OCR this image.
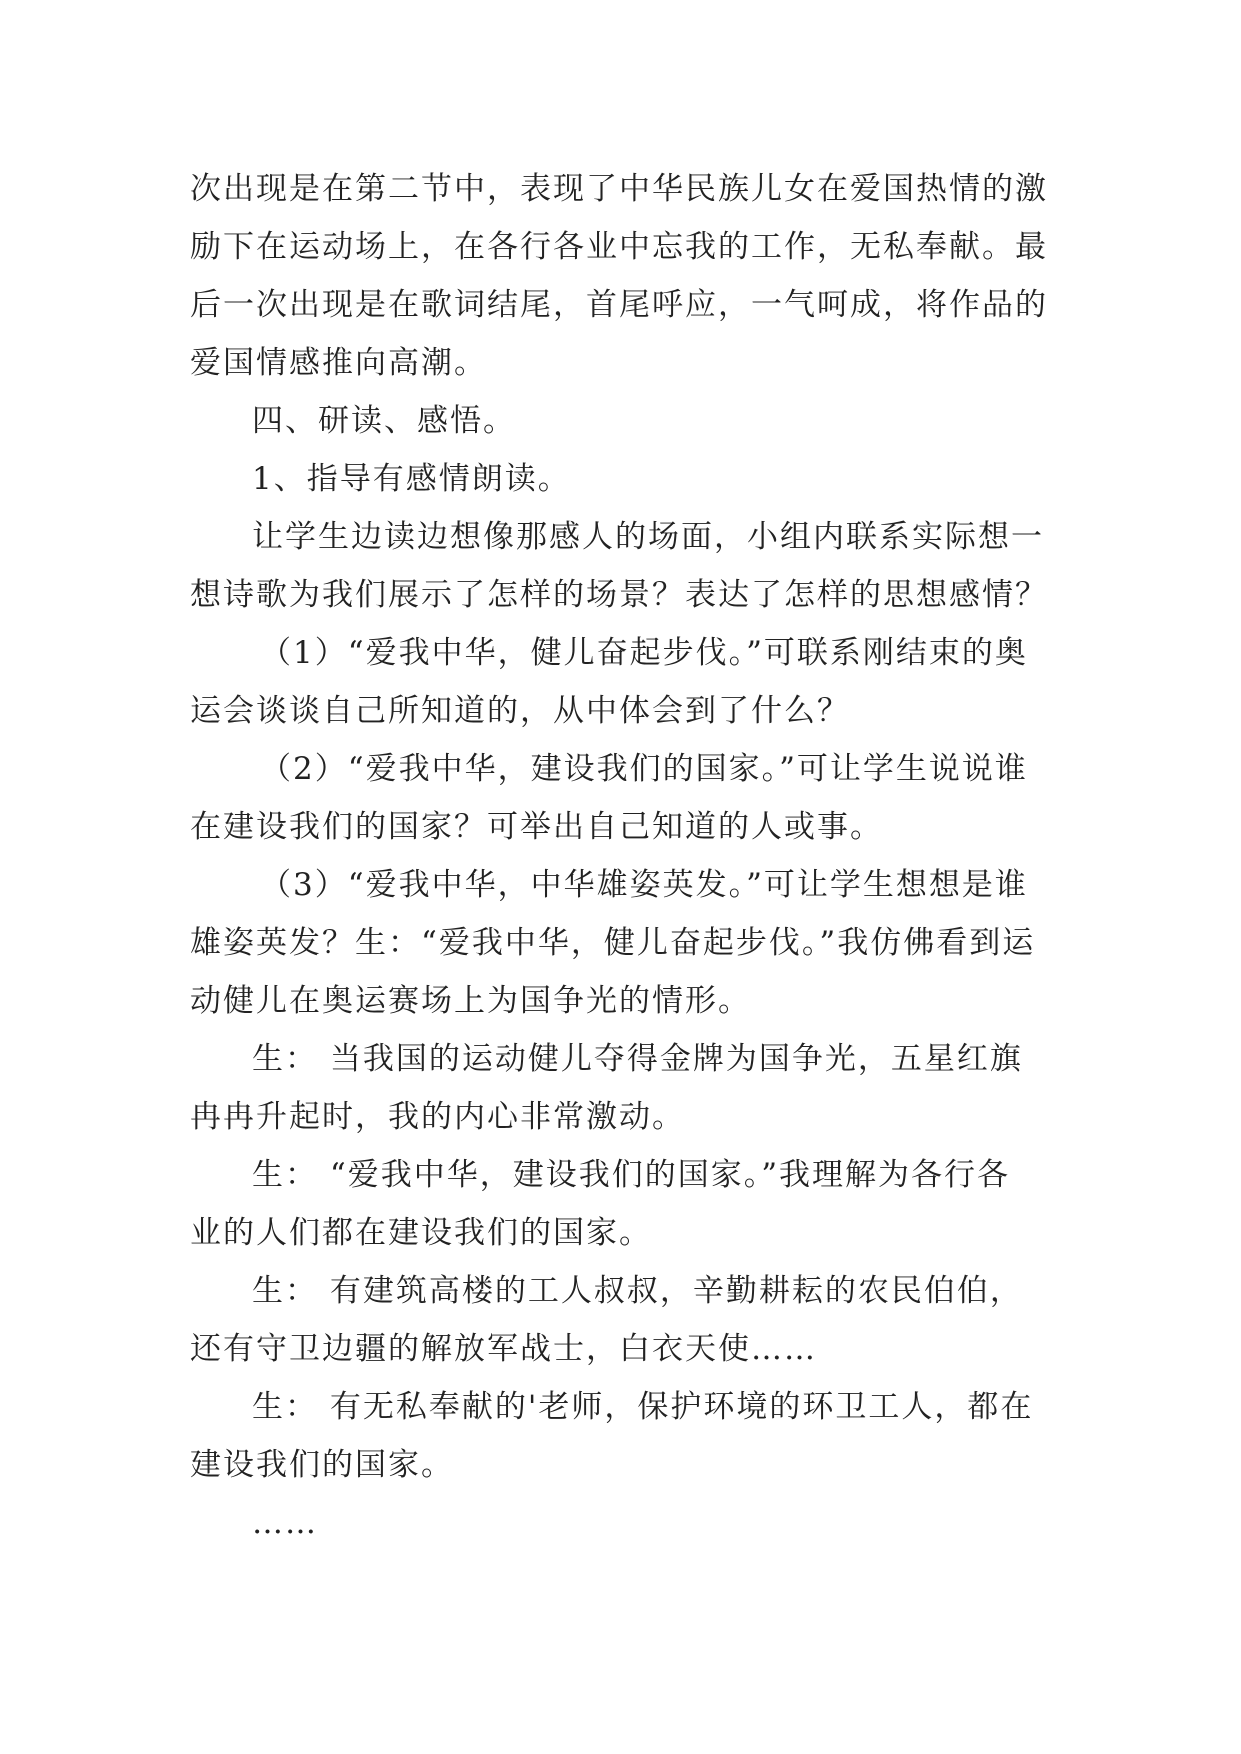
次出现是在第二节中，表现了中华民族儿女在爱国热情的激
励下在运动场上，在各行各业中忘我的工作，无私奉献。最
后一次出现是在歌词结尾，首尾呼应，一气呵成，将作品的
爱国情感推向高潮。
四、研读、感悟。
1、指导有感情朗读。
让学生边读边想像那感人的场面，小组内联系实际想一
想诗歌为我们展示了怎样的场景？表达了怎样的思想感情？
（1）“爱我中华，健儿奋起步伐。”可联系刚结束的奥
运会谈谈自己所知道的，从中体会到了什么？
（2）“爱我中华，建设我们的国家。”可让学生说说谁
在建设我们的国家？可举出自己知道的人或事。
（3）“爱我中华，中华雄姿英发。”可让学生想想是谁
雄姿英发？生：“爱我中华，健儿奋起步伐。”我仿佛看到运
动健儿在奥运赛场上为国争光的情形。
生： 当我国的运动健儿夺得金牌为国争光，五星红旗
冉冉升起时，我的内心非常激动。
生： “爱我中华，建设我们的国家。”我理解为各行各
业的人们都在建设我们的国家。
生： 有建筑高楼的工人叔叔，辛勤耕耘的农民伯伯，
还有守卫边疆的解放军战士，白衣天使……
生： 有无私奉献的'老师，保护环境的环卫工人，都在
建设我们的国家。
……
